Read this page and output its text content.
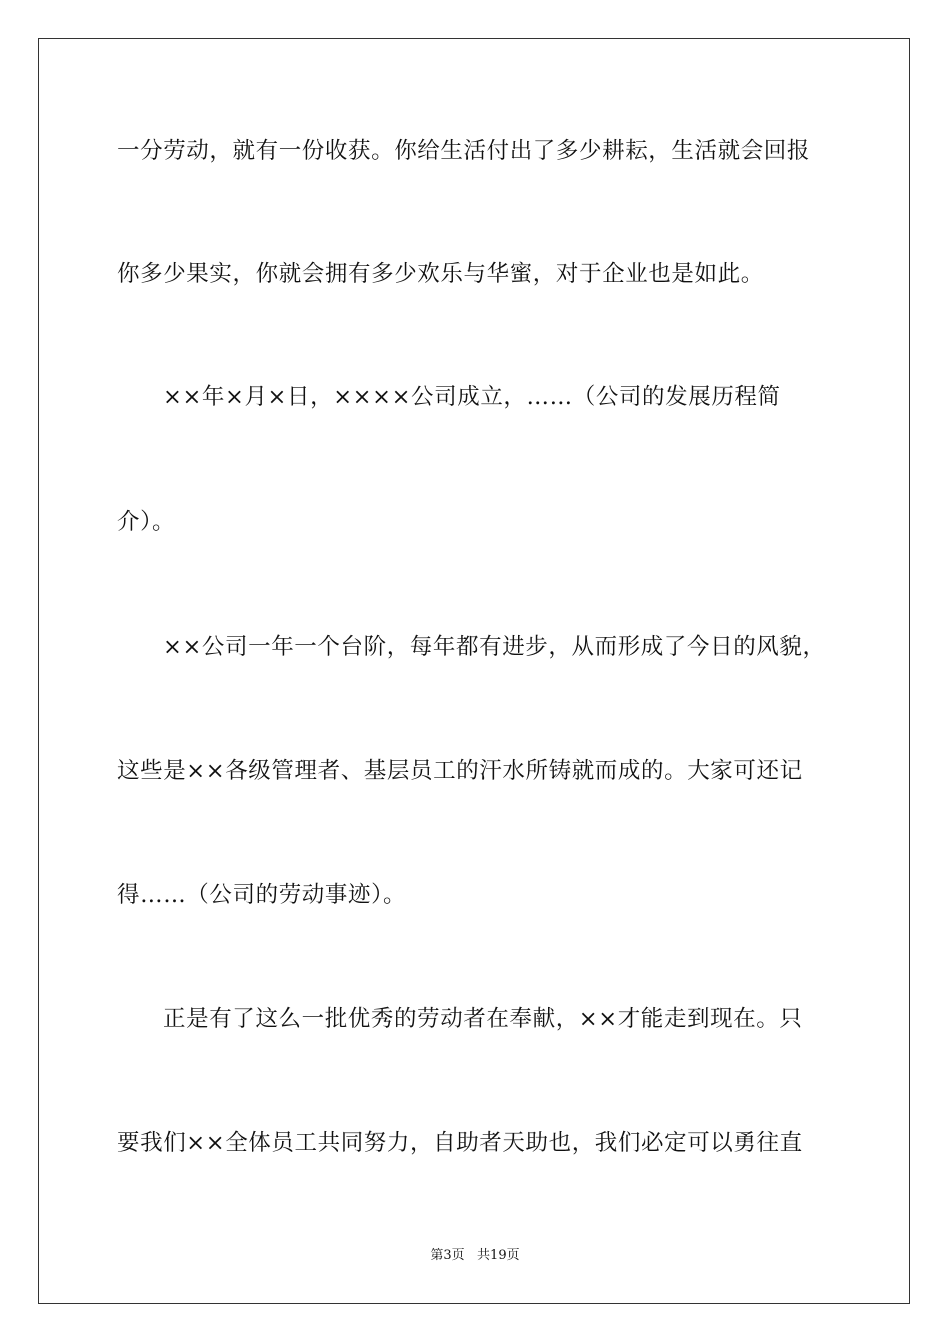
一分劳动，就有一份收获。你给生活付出了多少耕耘，生活就会回报
你多少果实，你就会拥有多少欢乐与华蜜，对于企业也是如此。
××年×月×日，××××公司成立，……（公司的发展历程简
介）。
××公司一年一个台阶，每年都有进步，从而形成了今日的风貌，
这些是××各级管理者、基层员工的汗水所铸就而成的。大家可还记
得……（公司的劳动事迹）。
正是有了这么一批优秀的劳动者在奉献，××才能走到现在。只
要我们××全体员工共同努力，自助者天助也，我们必定可以勇往直
第3页   共19页
